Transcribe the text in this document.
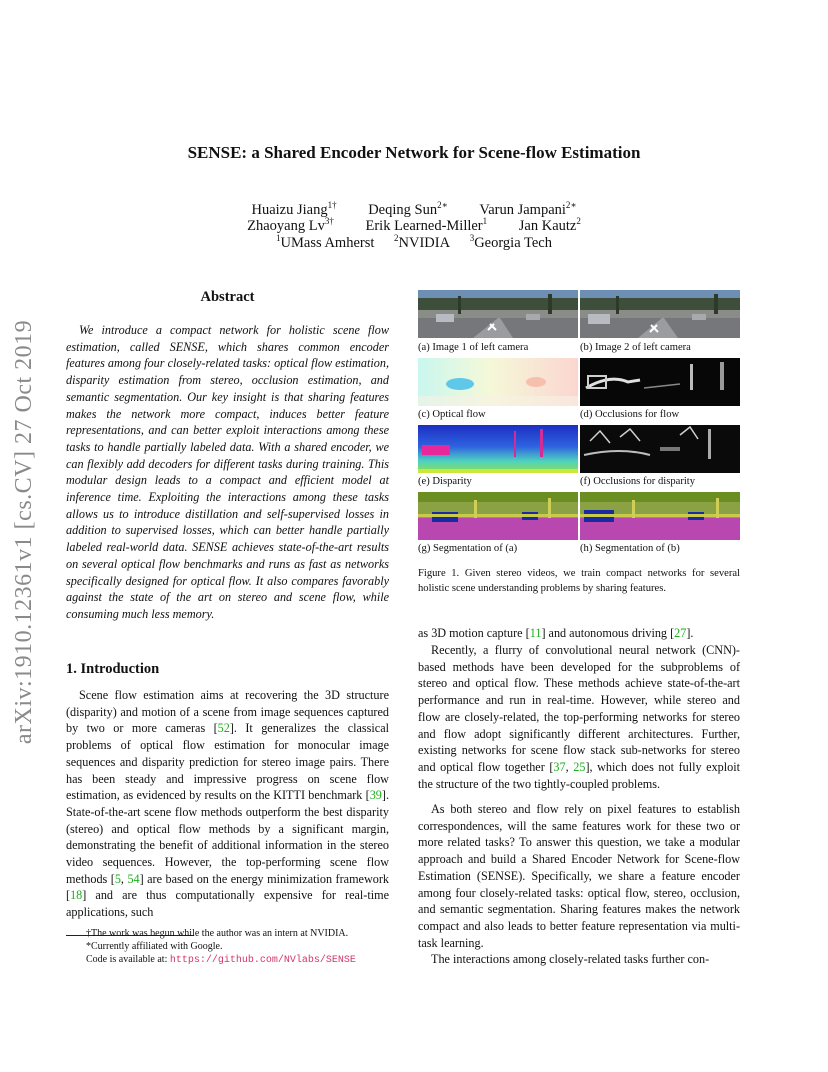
arXiv:1910.12361v1 [cs.CV] 27 Oct 2019
SENSE: a Shared Encoder Network for Scene-flow Estimation
Huaizu Jiang$^{1\dagger}$ Deqing Sun$^{2∗}$ Varun Jampani$^{2∗}$
Zhaoyang $Lv^{3\dagger}$ Erik Learned-Miller$^1$ Jan Kautz$^2$
$^1$UMass Amherst $^2$NVIDIA $^3$Georgia Tech
Abstract

We introduce a compact network for holistic scene flow estimation, called SENSE, which shares common encoder features among four closely-related tasks: optical flow estimation, disparity estimation from stereo, occlusion estimation, and semantic segmentation. Our key insight is that sharing features makes the network more compact, induces better feature representations, and can better exploit interactions among these tasks to handle partially labeled data. With a shared encoder, we can flexibly add decoders for different tasks during training. This modular design leads to a compact and efficient model at inference time. Exploiting the interactions among these tasks allows us to introduce distillation and self-supervised losses in addition to supervised losses, which can better handle partially labeled real-world data. SENSE achieves state-of-the-art results on several optical flow benchmarks and runs as fast as networks specifically designed for optical flow. It also compares favorably against the state of the art on stereo and scene flow, while consuming much less memory.

1. Introduction

Scene flow estimation aims at recovering the 3D structure (disparity) and motion of a scene from image sequences captured by two or more cameras [52]. It generalizes the classical problems of optical flow estimation for monocular image sequences and disparity prediction for stereo image pairs. There has been steady and impressive progress on scene flow estimation, as evidenced by results on the KITTI benchmark [39]. State-of-the-art scene flow methods outperform the best disparity (stereo) and optical flow methods by a significant margin, demonstrating the benefit of additional information in the stereo video sequences. However, the top-performing scene flow methods [5, 54] are based on the energy minimization framework [18] and are thus computationally expensive for real-time applications, such

†The work was begun while the author was an intern at NVIDIA.
*Currently affiliated with Google.
Code is available at: https://github.com/NVlabs/SENSE
(a) Image 1 of left camera	(b) Image 2 of left camera
(c) Optical flow	(d) Occlusions for flow
(e) Disparity	(f) Occlusions for disparity
(g) Segmentation of (a)	(h) Segmentation of (b)

Figure 1. Given stereo videos, we train compact networks for several holistic scene understanding problems by sharing features.

as 3D motion capture [11] and autonomous driving [27].

Recently, a flurry of convolutional neural network (CNN)-based methods have been developed for the subproblems of stereo and optical flow. These methods achieve state-of-the-art performance and run in real-time. However, while stereo and flow are closely-related, the top-performing networks for stereo and flow adopt significantly different architectures. Further, existing networks for scene flow stack sub-networks for stereo and optical flow together [37, 25], which does not fully exploit the structure of the two tightly-coupled problems.

As both stereo and flow rely on pixel features to establish correspondences, will the same features work for these two or more related tasks? To answer this question, we take a modular approach and build a Shared Encoder Network for Scene-flow Estimation (SENSE). Specifically, we share a feature encoder among four closely-related tasks: optical flow, stereo, occlusion, and semantic segmentation. Sharing features makes the network compact and also leads to better feature representation via multi-task learning.

The interactions among closely-related tasks further con-
